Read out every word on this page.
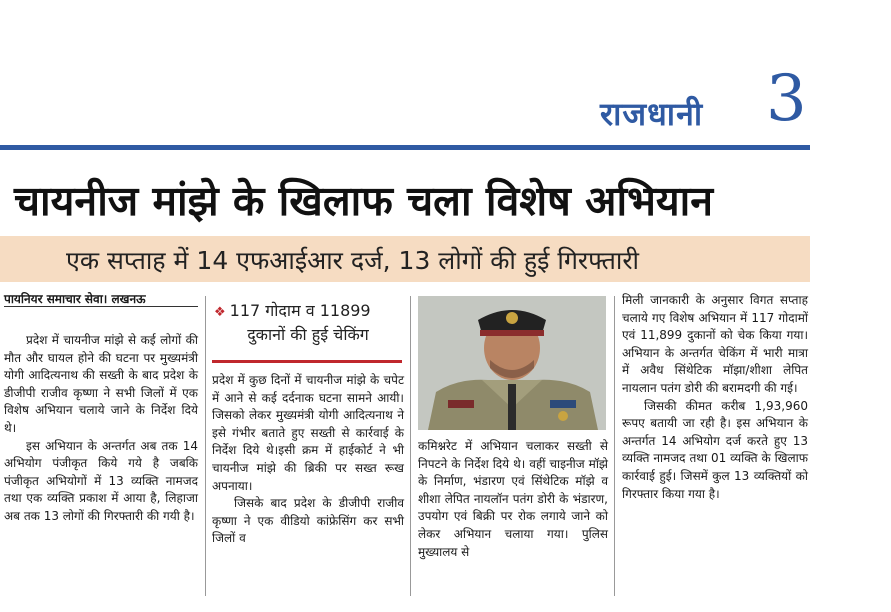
राजधानी 3
चायनीज मांझे के खिलाफ चला विशेष अभियान
एक सप्ताह में 14 एफआईआर दर्ज, 13 लोगों की हुई गिरफ्तारी
पायनियर समाचार सेवा। लखनऊ

प्रदेश में चायनीज मांझे से कई लोगों की मौत और घायल होने की घटना पर मुख्यमंत्री योगी आदित्यनाथ की सख्ती के बाद प्रदेश के डीजीपी राजीव कृष्णा ने सभी जिलों में एक विशेष अभियान चलाये जाने के निर्देश दिये थे।

इस अभियान के अन्तर्गत अब तक 14 अभियोग पंजीकृत किये गये है जबकि पंजीकृत अभियोगों में 13 व्यक्ति नामजद तथा एक व्यक्ति प्रकाश में आया है, लिहाजा अब तक 13 लोगों की गिरफ्तारी की गयी है।

❖ 117 गोदाम व 11899
दुकानों की हुई चेकिंग

प्रदेश में कुछ दिनों में चायनीज मांझे के चपेट में आने से कई दर्दनाक घटना सामने आयी। जिसको लेकर मुख्यमंत्री योगी आदित्यनाथ ने इसे गंभीर बताते हुए सख्ती से कार्रवाई के निर्देश दिये थे।इसी क्रम में हाईकोर्ट ने भी चायनीज मांझे की ब्रिकी पर सख्त रूख अपनाया।

जिसके बाद प्रदेश के डीजीपी राजीव कृष्णा ने एक वीडियो कांफ्रेसिंग कर सभी जिलों व

कमिश्नरेट में अभियान चलाकर सख्ती से निपटने के निर्देश दिये थे। वहीं चाइनीज मॉझे के निर्माण, भंडारण एवं सिंथेटिक मॉझे व शीशा लेपित नायलॉन पतंग डोरी के भंडारण, उपयोग एवं बिक्री पर रोक लगाये जाने को लेकर अभियान चलाया गया। पुलिस मुख्यालय से

मिली जानकारी के अनुसार विगत सप्ताह चलाये गए विशेष अभियान में 117 गोदामों एवं 11,899 दुकानों को चेक किया गया। अभियान के अन्तर्गत चेकिंग में भारी मात्रा में अवैध सिंथेटिक मॉझा/शीशा लेपित नायलान पतंग डोरी की बरामदगी की गई।

जिसकी कीमत करीब 1,93,960 रूपए बतायी जा रही है। इस अभियान के अन्तर्गत 14 अभियोग दर्ज करते हुए 13 व्यक्ति नामजद तथा 01 व्यक्ति के खिलाफ कार्रवाई हुई। जिसमें कुल 13 व्यक्तियों को गिरफ्तार किया गया है।
